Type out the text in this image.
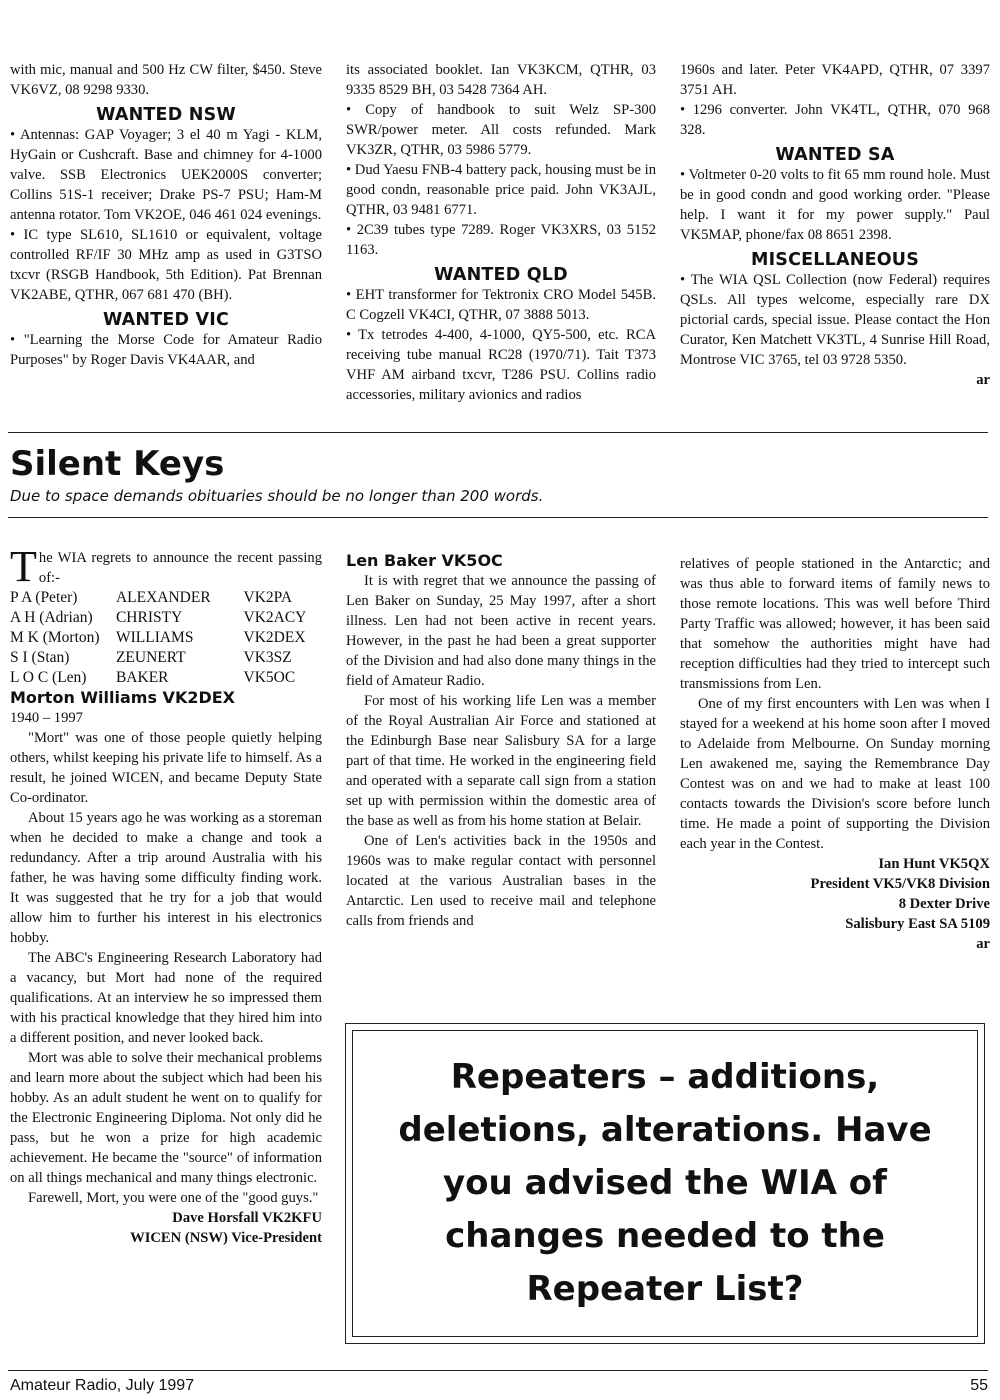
with mic, manual and 500 Hz CW filter, $450. Steve VK6VZ, 08 9298 9330.

WANTED NSW

• Antennas: GAP Voyager; 3 el 40 m Yagi - KLM, HyGain or Cushcraft. Base and chimney for 4-1000 valve. SSB Electronics UEK2000S converter; Collins 51S-1 receiver; Drake PS-7 PSU; Ham-M antenna rotator. Tom VK2OE, 046 461 024 evenings.

• IC type SL610, SL1610 or equivalent, voltage controlled RF/IF 30 MHz amp as used in G3TSO txcvr (RSGB Handbook, 5th Edition). Pat Brennan VK2ABE, QTHR, 067 681 470 (BH).

WANTED VIC

• "Learning the Morse Code for Amateur Radio Purposes" by Roger Davis VK4AAR, and

its associated booklet. Ian VK3KCM, QTHR, 03 9335 8529 BH, 03 5428 7364 AH.

• Copy of handbook to suit Welz SP-300 SWR/power meter. All costs refunded. Mark VK3ZR, QTHR, 03 5986 5779.

• Dud Yaesu FNB-4 battery pack, housing must be in good condn, reasonable price paid. John VK3AJL, QTHR, 03 9481 6771.

• 2C39 tubes type 7289. Roger VK3XRS, 03 5152 1163.

WANTED QLD

• EHT transformer for Tektronix CRO Model 545B. C Cogzell VK4CI, QTHR, 07 3888 5013.

• Tx tetrodes 4-400, 4-1000, QY5-500, etc. RCA receiving tube manual RC28 (1970/71). Tait T373 VHF AM airband txcvr, T286 PSU. Collins radio accessories, military avionics and radios

1960s and later. Peter VK4APD, QTHR, 07 3397 3751 AH.

• 1296 converter. John VK4TL, QTHR, 070 968 328.

WANTED SA

• Voltmeter 0-20 volts to fit 65 mm round hole. Must be in good condn and good working order. "Please help. I want it for my power supply." Paul VK5MAP, phone/fax 08 8651 2398.

MISCELLANEOUS

• The WIA QSL Collection (now Federal) requires QSLs. All types welcome, especially rare DX pictorial cards, special issue. Please contact the Hon Curator, Ken Matchett VK3TL, 4 Sunrise Hill Road, Montrose VIC 3765, tel 03 9728 5350.

ar
Silent Keys
Due to space demands obituaries should be no longer than 200 words.

The WIA regrets to announce the recent passing of:-

P A (Peter)	ALEXANDER	VK2PA
A H (Adrian)	CHRISTY	VK2ACY
M K (Morton)	WILLIAMS	VK2DEX
S I (Stan)	ZEUNERT	VK3SZ
L O C (Len)	BAKER	VK5OC
Morton Williams VK2DEX

1940 – 1997

"Mort" was one of those people quietly helping others, whilst keeping his private life to himself. As a result, he joined WICEN, and became Deputy State Co-ordinator.

About 15 years ago he was working as a storeman when he decided to make a change and took a redundancy. After a trip around Australia with his father, he was having some difficulty finding work. It was suggested that he try for a job that would allow him to further his interest in his electronics hobby.

The ABC's Engineering Research Laboratory had a vacancy, but Mort had none of the required qualifications. At an interview he so impressed them with his practical knowledge that they hired him into a different position, and never looked back.

Mort was able to solve their mechanical problems and learn more about the subject which had been his hobby. As an adult student he went on to qualify for the Electronic Engineering Diploma. Not only did he pass, but he won a prize for high academic achievement. He became the "source" of information on all things mechanical and many things electronic.

Farewell, Mort, you were one of the "good guys."

Dave Horsfall VK2KFU
WICEN (NSW) Vice-President
Len Baker VK5OC

It is with regret that we announce the passing of Len Baker on Sunday, 25 May 1997, after a short illness. Len had not been active in recent years. However, in the past he had been a great supporter of the Division and had also done many things in the field of Amateur Radio.

For most of his working life Len was a member of the Royal Australian Air Force and stationed at the Edinburgh Base near Salisbury SA for a large part of that time. He worked in the engineering field and operated with a separate call sign from a station set up with permission within the domestic area of the base as well as from his home station at Belair.

One of Len's activities back in the 1950s and 1960s was to make regular contact with personnel located at the various Australian bases in the Antarctic. Len used to receive mail and telephone calls from friends and

relatives of people stationed in the Antarctic; and was thus able to forward items of family news to those remote locations. This was well before Third Party Traffic was allowed; however, it has been said that somehow the authorities might have had reception difficulties had they tried to intercept such transmissions from Len.

One of my first encounters with Len was when I stayed for a weekend at his home soon after I moved to Adelaide from Melbourne. On Sunday morning Len awakened me, saying the Remembrance Day Contest was on and we had to make at least 100 contacts towards the Division's score before lunch time. He made a point of supporting the Division each year in the Contest.

Ian Hunt VK5QX
President VK5/VK8 Division
8 Dexter Drive
Salisbury East SA 5109
ar
Repeaters – additions, deletions, alterations. Have you advised the WIA of changes needed to the Repeater List?
Amateur Radio, July 1997	55
